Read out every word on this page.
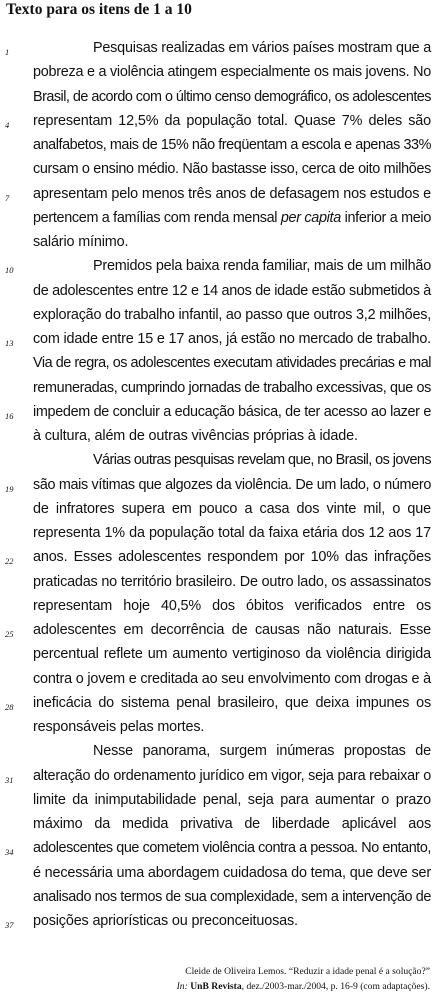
Texto para os itens de 1 a 10
1	Pesquisas realizadas em vários países mostram que a
pobreza e a violência atingem especialmente os mais jovens. No
Brasil, de acordo com o último censo demográfico, os adolescentes
4 representam 12,5% da população total. Quase 7% deles são
analfabetos, mais de 15% não freqüentam a escola e apenas 33%
cursam o ensino médio. Não bastasse isso, cerca de oito milhões
7 apresentam pelo menos três anos de defasagem nos estudos e
pertencem a famílias com renda mensal per capita inferior a meio
salário mínimo.
10	Premidos pela baixa renda familiar, mais de um milhão
de adolescentes entre 12 e 14 anos de idade estão submetidos à
exploração do trabalho infantil, ao passo que outros 3,2 milhões,
13 com idade entre 15 e 17 anos, já estão no mercado de trabalho.
Via de regra, os adolescentes executam atividades precárias e mal
remuneradas, cumprindo jornadas de trabalho excessivas, que os
16 impedem de concluir a educação básica, de ter acesso ao lazer e
à cultura, além de outras vivências próprias à idade.
Várias outras pesquisas revelam que, no Brasil, os jovens
19 são mais vítimas que algozes da violência. De um lado, o número
de infratores supera em pouco a casa dos vinte mil, o que
representa 1% da população total da faixa etária dos 12 aos 17
22 anos. Esses adolescentes respondem por 10% das infrações
praticadas no território brasileiro. De outro lado, os assassinatos
representam hoje 40,5% dos óbitos verificados entre os
25 adolescentes em decorrência de causas não naturais. Esse
percentual reflete um aumento vertiginoso da violência dirigida
contra o jovem e creditada ao seu envolvimento com drogas e à
28 ineficácia do sistema penal brasileiro, que deixa impunes os
responsáveis pelas mortes.
Nesse panorama, surgem inúmeras propostas de
31 alteração do ordenamento jurídico em vigor, seja para rebaixar o
limite da inimputabilidade penal, seja para aumentar o prazo
máximo da medida privativa de liberdade aplicável aos
34 adolescentes que cometem violência contra a pessoa. No entanto,
é necessária uma abordagem cuidadosa do tema, que deve ser
analisado nos termos de sua complexidade, sem a intervenção de
37 posições apriorísticas ou preconceituosas.
Cleide de Oliveira Lemos. “Reduzir a idade penal é a solução?”
In: UnB Revista, dez./2003-mar./2004, p. 16-9 (com adaptações).
